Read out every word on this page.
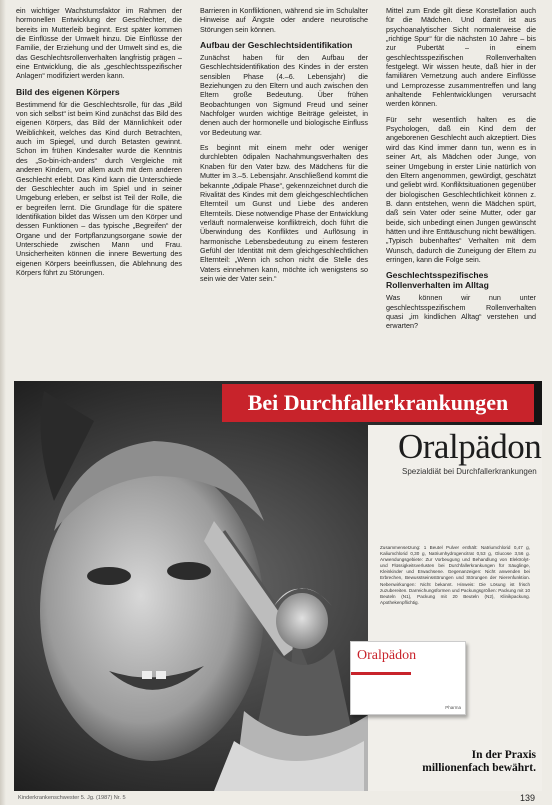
ein wichtiger Wachstumsfaktor im Rahmen der hormonellen Entwicklung der Geschlechter, die bereits im Mutterleib beginnt. Erst später kommen die Einflüsse der Umwelt hinzu. Die Einflüsse der Familie, der Erziehung und der Umwelt sind es, die das Geschlechtsrollenverhalten langfristig prägen – eine Entwicklung, die als „geschlechtsspezifischer Anlagen“ modifiziert werden kann.

Bild des eigenen Körpers

Bestimmend für die Geschlechtsrolle, für das „Bild von sich selbst“ ist beim Kind zunächst das Bild des eigenen Körpers, das Bild der Männlichkeit oder Weiblichkeit, welches das Kind durch Betrachten, auch im Spiegel, und durch Betasten gewinnt. Schon im frühen Kindesalter wurde die Kenntnis des „So-bin-ich-anders“ durch Vergleiche mit anderen Kindern, vor allem auch mit dem anderen Geschlecht erlebt. Das Kind kann die Unterschiede der Geschlechter auch im Spiel und in seiner Umgebung erleben, er selbst ist Teil der Rolle, die er begreifen lernt. Die Grundlage für die spätere Identifikation bildet das Wissen um den Körper und dessen Funktionen – das typische „Begreifen“ der Organe und der Fortpflanzungsorgane sowie der Unterschiede zwischen Mann und Frau. Unsicherheiten können die innere Bewertung des eigenen Körpers beeinflussen, die Ablehnung des Körpers führt zu Störungen.

Barrieren in Konfliktionen, während sie im Schulalter Hinweise auf Ängste oder andere neurotische Störungen sein können.

Aufbau der Geschlechtsidentifikation

Zunächst haben für den Aufbau der Geschlechtsidentifikation des Kindes in der ersten sensiblen Phase (4.–6. Lebensjahr) die Beziehungen zu den Eltern und auch zwischen den Eltern große Bedeutung. Über frühen Beobachtungen von Sigmund Freud und seiner Nachfolger wurden wichtige Beiträge geleistet, in denen auch der hormonelle und biologische Einfluss vor Bedeutung war.

Es beginnt mit einem mehr oder weniger durchlebten ödipalen Nachahmungsverhalten des Knaben für den Vater bzw. des Mädchens für die Mutter im 3.–5. Lebensjahr. Anschließend kommt die bekannte „ödipale Phase“, gekennzeichnet durch die Rivalität des Kindes mit dem gleichgeschlechtlichen Elternteil um Gunst und Liebe des anderen Elternteils. Diese notwendige Phase der Entwicklung verläuft normalerweise konfliktreich, doch führt die Überwindung des Konfliktes und Auflösung in harmonische Lebensbedeutung zu einem festeren Gefühl der Identität mit dem gleichgeschlechtlichen Elternteil: „Wenn ich schon nicht die Stelle des Vaters einnehmen kann, möchte ich wenigstens so sein wie der Vater sein.“

Mittel zum Ende gilt diese Konstellation auch für die Mädchen. Und damit ist aus psychoanalytischer Sicht normalerweise die „richtige Spur“ für die nächsten 10 Jahre – bis zur Pubertät – in einem geschlechtsspezifischen Rollenverhalten festgelegt. Wir wissen heute, daß hier in der familiären Vernetzung auch andere Einflüsse und Lernprozesse zusammentreffen und lang anhaltende Fehlentwicklungen verursacht werden können.

Für sehr wesentlich halten es die Psychologen, daß ein Kind dem der angeborenen Geschlecht auch akzeptiert. Dies wird das Kind immer dann tun, wenn es in seiner Art, als Mädchen oder Junge, von seiner Umgebung in erster Linie natürlich von den Eltern angenommen, gewürdigt, geschätzt und geliebt wird. Konfliktsituationen gegenüber der biologischen Geschlechtlichkeit können z. B. dann entstehen, wenn die Mädchen spürt, daß sein Vater oder seine Mutter, oder gar beide, sich unbedingt einen Jungen gewünscht hätten und ihre Enttäuschung nicht bewältigen. „Typisch bubenhaftes“ Verhalten mit dem Wunsch, dadurch die Zuneigung der Eltern zu erringen, kann die Folge sein.

Geschlechtsspezifisches Rollenverhalten im Alltag

Was können wir nun unter geschlechtsspezifischem Rollenverhalten quasi „im kindlichen Alltag“ verstehen und erwarten?

Bei Durchfallerkrankungen
Oralpädon
Spezialdiät bei Durchfallerkrankungen
Zusammensetzung: 1 Beutel Pulver enthält: Natriumchlorid 0,47 g, Kaliumchlorid 0,30 g, Natriumhydrogencitrat 0,53 g, Glucose 3,56 g. Anwendungsgebiete: Zur Vorbeugung und Behandlung von Elektrolyt- und Flüssigkeitsverlusten bei Durchfallerkrankungen für Säuglinge, Kleinkinder und Erwachsene. Gegenanzeigen: Nicht anwenden bei Erbrechen, Bewusstseinsstörungen und Störungen der Nierenfunktion. Nebenwirkungen: Nicht bekannt. Hinweis: Die Lösung ist frisch zuzubereiten. Darreichungsformen und Packungsgrößen: Packung mit 10 Beuteln (N1), Packung mit 20 Beuteln (N2), Klinikpackung. Apothekenpflichtig.
Oralpädon
Pharma
In der Praxis
millionenfach bewährt.
Kinderkrankenschwester 5. Jg. (1987) Nr. 5	139
